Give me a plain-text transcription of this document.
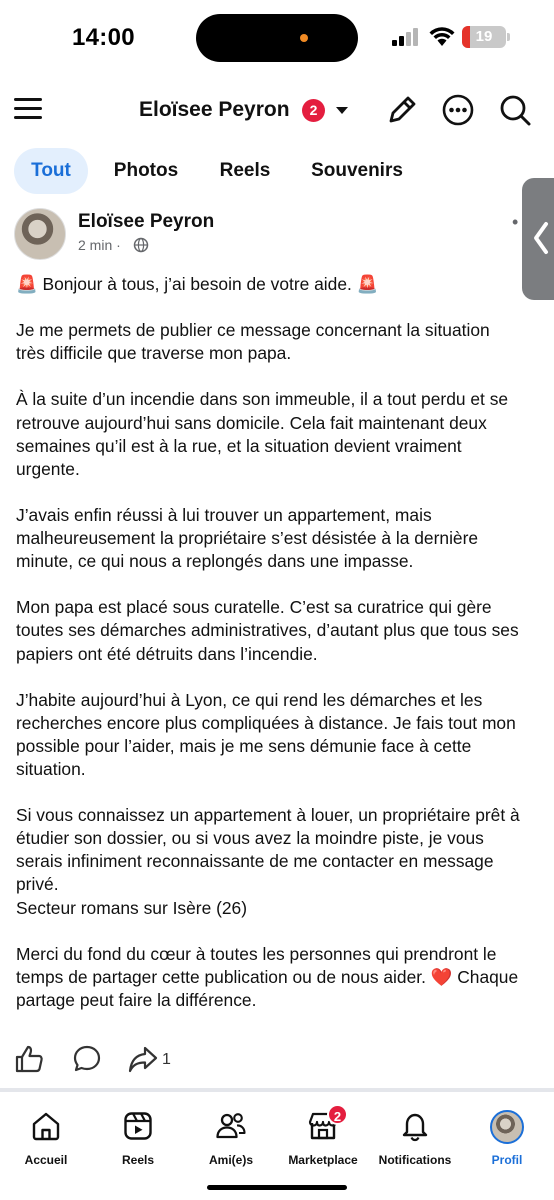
14:00	19
Eloïsee Peyron	2
Tout	Photos	Reels	Souvenirs
Eloïsee Peyron
2 min ·
•
🚨 Bonjour à tous, j’ai besoin de votre aide. 🚨

Je me permets de publier ce message concernant la situation très difficile que traverse mon papa.

À la suite d’un incendie dans son immeuble, il a tout perdu et se retrouve aujourd’hui sans domicile. Cela fait maintenant deux semaines qu’il est à la rue, et la situation devient vraiment urgente.

J’avais enfin réussi à lui trouver un appartement, mais malheureusement la propriétaire s’est désistée à la dernière minute, ce qui nous a replongés dans une impasse.

Mon papa est placé sous curatelle. C’est sa curatrice qui gère toutes ses démarches administratives, d’autant plus que tous ses papiers ont été détruits dans l’incendie.

J’habite aujourd’hui à Lyon, ce qui rend les démarches et les recherches encore plus compliquées à distance. Je fais tout mon possible pour l’aider, mais je me sens démunie face à cette situation.

Si vous connaissez un appartement à louer, un propriétaire prêt à étudier son dossier, ou si vous avez la moindre piste, je vous serais infiniment reconnaissante de me contacter en message privé.
Secteur romans sur Isère (26)

Merci du fond du cœur à toutes les personnes qui prendront le temps de partager cette publication ou de nous aider. ❤️ Chaque partage peut faire la différence.
1
Accueil	Reels	Ami(e)s
2
Marketplace	Notifications	Profil
